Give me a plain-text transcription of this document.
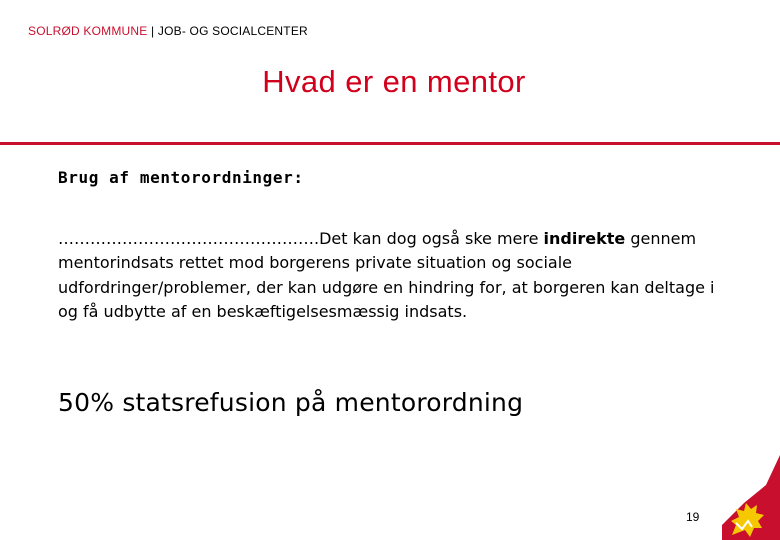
SOLRØD KOMMUNE | JOB- OG SOCIALCENTER
Hvad er en mentor
Brug af mentorordninger:

………………………………………….Det kan dog også ske mere indirekte gennem mentorindsats rettet mod borgerens private situation og sociale udfordringer/problemer, der kan udgøre en hindring for, at borgeren kan deltage i og få udbytte af en beskæftigelsesmæssig indsats.

50% statsrefusion på mentorordning

19
